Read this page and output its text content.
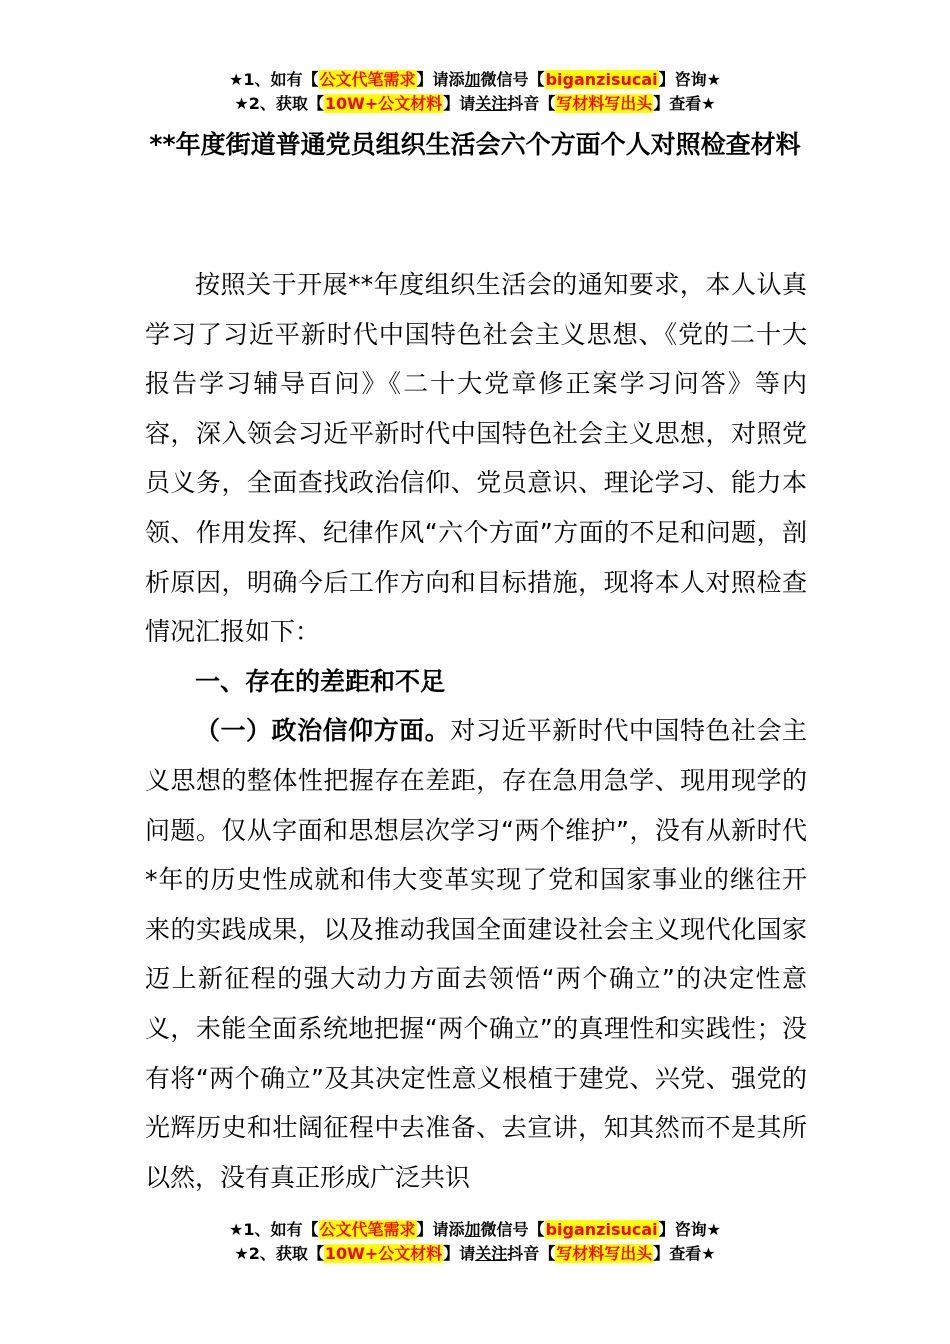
★1、如有【公文代笔需求】请添加微信号【biganzisucai】咨询★
★2、获取【10W+公文材料】请关注抖音【写材料写出头】查看★
**年度街道普通党员组织生活会六个方面个人对照检查材料

按照关于开展**年度组织生活会的通知要求，本人认真学习了习近平新时代中国特色社会主义思想、《党的二十大报告学习辅导百问》《二十大党章修正案学习问答》等内容，深入领会习近平新时代中国特色社会主义思想，对照党员义务，全面查找政治信仰、党员意识、理论学习、能力本领、作用发挥、纪律作风“六个方面”方面的不足和问题，剖析原因，明确今后工作方向和目标措施，现将本人对照检查情况汇报如下：

一、存在的差距和不足

（一）政治信仰方面。对习近平新时代中国特色社会主义思想的整体性把握存在差距，存在急用急学、现用现学的问题。仅从字面和思想层次学习“两个维护”，没有从新时代*年的历史性成就和伟大变革实现了党和国家事业的继往开来的实践成果，以及推动我国全面建设社会主义现代化国家迈上新征程的强大动力方面去领悟“两个确立”的决定性意义，未能全面系统地把握“两个确立”的真理性和实践性；没有将“两个确立”及其决定性意义根植于建党、兴党、强党的光辉历史和壮阔征程中去准备、去宣讲，知其然而不是其所以然，没有真正形成广泛共识

★1、如有【公文代笔需求】请添加微信号【biganzisucai】咨询★
★2、获取【10W+公文材料】请关注抖音【写材料写出头】查看★
